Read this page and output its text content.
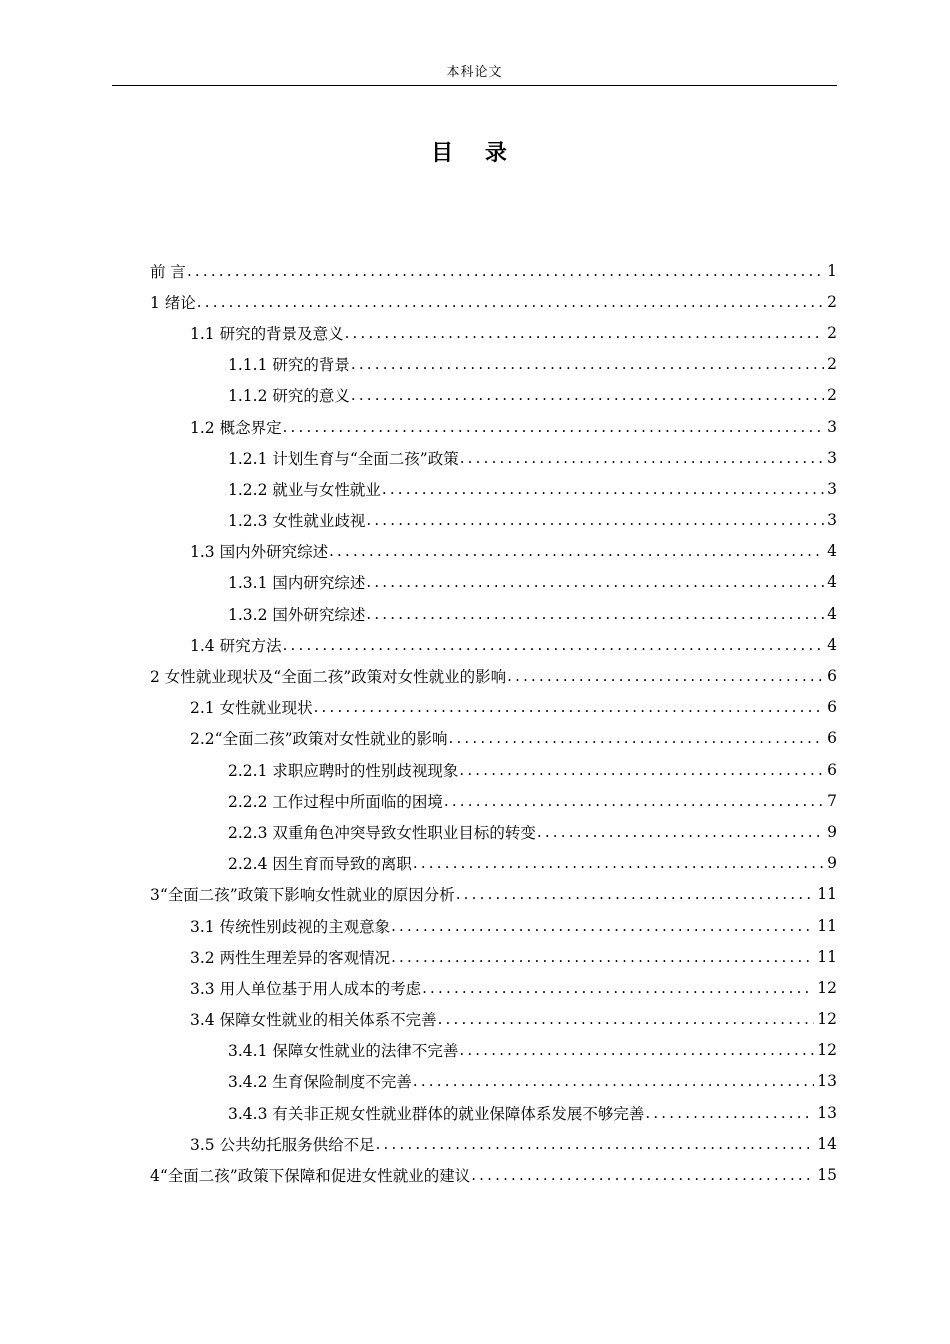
本科论文
目 录
前 言 .....	1
1 绪论 .....	2
1.1 研究的背景及意义 .....	2
1.1.1 研究的背景 .....	2
1.1.2 研究的意义 .....	2
1.2 概念界定 .....	3
1.2.1 计划生育与“全面二孩”政策 .....	3
1.2.2 就业与女性就业 .....	3
1.2.3 女性就业歧视 .....	3
1.3 国内外研究综述 .....	4
1.3.1 国内研究综述 .....	4
1.3.2 国外研究综述 .....	4
1.4 研究方法 .....	4
2 女性就业现状及“全面二孩”政策对女性就业的影响 .....	6
2.1 女性就业现状 .....	6
2.2“全面二孩”政策对女性就业的影响 .....	6
2.2.1 求职应聘时的性别歧视现象 .....	6
2.2.2 工作过程中所面临的困境 .....	7
2.2.3 双重角色冲突导致女性职业目标的转变 .....	9
2.2.4 因生育而导致的离职 .....	9
3“全面二孩”政策下影响女性就业的原因分析 .....	11
3.1 传统性别歧视的主观意象 .....	11
3.2 两性生理差异的客观情况 .....	11
3.3 用人单位基于用人成本的考虑 .....	12
3.4 保障女性就业的相关体系不完善 .....	12
3.4.1 保障女性就业的法律不完善 .....	12
3.4.2 生育保险制度不完善 .....	13
3.4.3 有关非正规女性就业群体的就业保障体系发展不够完善 .....	13
3.5 公共幼托服务供给不足 .....	14
4“全面二孩”政策下保障和促进女性就业的建议 .....	15
